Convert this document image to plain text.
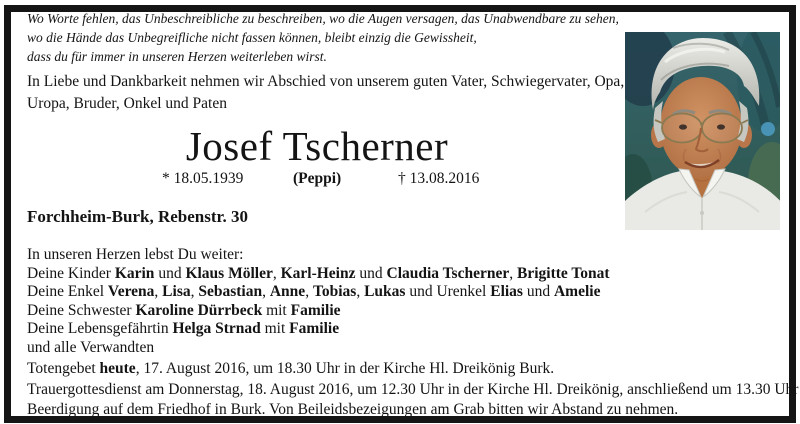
Wo Worte fehlen, das Unbeschreibliche zu beschreiben, wo die Augen versagen, das Unabwendbare zu sehen,
wo die Hände das Unbegreifliche nicht fassen können, bleibt einzig die Gewissheit,
dass du für immer in unseren Herzen weiterleben wirst.
In Liebe und Dankbarkeit nehmen wir Abschied von unserem guten Vater, Schwiegervater, Opa, Uropa, Bruder, Onkel und Paten
Josef Tscherner
* 18.05.1939	(Peppi)	† 13.08.2016
Forchheim-Burk, Rebenstr. 30
In unseren Herzen lebst Du weiter:
Deine Kinder Karin und Klaus Möller, Karl-Heinz und Claudia Tscherner, Brigitte Tonat
Deine Enkel Verena, Lisa, Sebastian, Anne, Tobias, Lukas und Urenkel Elias und Amelie
Deine Schwester Karoline Dürrbeck mit Familie
Deine Lebensgefährtin Helga Strnad mit Familie
und alle Verwandten
Totengebet heute, 17. August 2016, um 18.30 Uhr in der Kirche Hl. Dreikönig Burk.
Trauergottesdienst am Donnerstag, 18. August 2016, um 12.30 Uhr in der Kirche Hl. Dreikönig, anschließend um 13.30 Uhr
Beerdigung auf dem Friedhof in Burk. Von Beileidsbezeigungen am Grab bitten wir Abstand zu nehmen.
